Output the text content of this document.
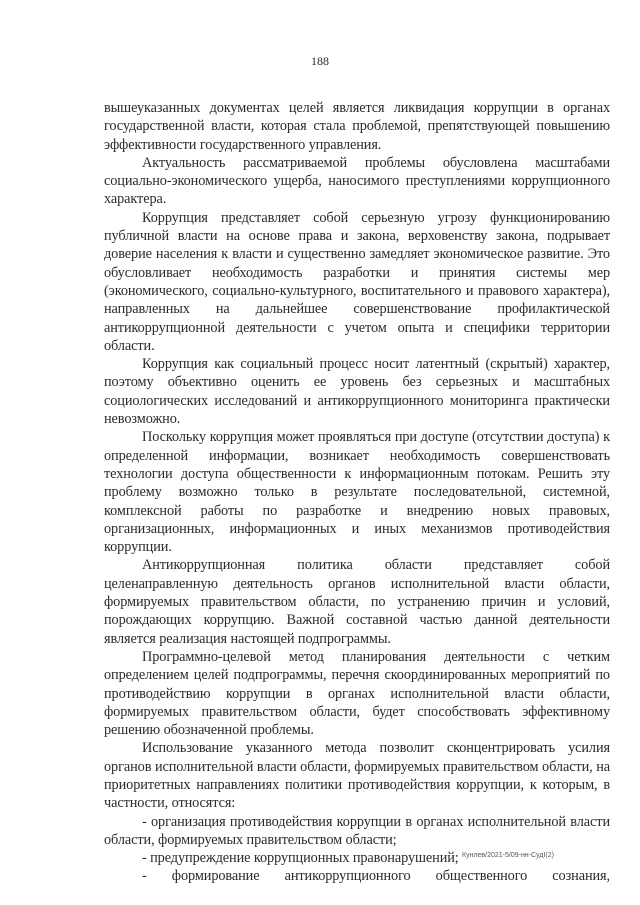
188

вышеуказанных документах целей является ликвидация коррупции в органах государственной власти, которая стала проблемой, препятствующей повышению эффективности государственного управления.

Актуальность рассматриваемой проблемы обусловлена масштабами социально-экономического ущерба, наносимого преступлениями коррупционного характера.

Коррупция представляет собой серьезную угрозу функционированию публичной власти на основе права и закона, верховенству закона, подрывает доверие населения к власти и существенно замедляет экономическое развитие. Это обусловливает необходимость разработки и принятия системы мер (экономического, социально-культурного, воспитательного и правового характера), направленных на дальнейшее совершенствование профилактической антикоррупционной деятельности с учетом опыта и специфики территории области.

Коррупция как социальный процесс носит латентный (скрытый) характер, поэтому объективно оценить ее уровень без серьезных и масштабных социологических исследований и антикоррупционного мониторинга практически невозможно.

Поскольку коррупция может проявляться при доступе (отсутствии доступа) к определенной информации, возникает необходимость совершенствовать технологии доступа общественности к информационным потокам. Решить эту проблему возможно только в результате последовательной, системной, комплексной работы по разработке и внедрению новых правовых, организационных, информационных и иных механизмов противодействия коррупции.

Антикоррупционная политика области представляет собой целенаправленную деятельность органов исполнительной власти области, формируемых правительством области, по устранению причин и условий, порождающих коррупцию. Важной составной частью данной деятельности является реализация настоящей подпрограммы.

Программно-целевой метод планирования деятельности с четким определением целей подпрограммы, перечня скоординированных мероприятий по противодействию коррупции в органах исполнительной власти области, формируемых правительством области, будет способствовать эффективному решению обозначенной проблемы.

Использование указанного метода позволит сконцентрировать усилия органов исполнительной власти области, формируемых правительством области, на приоритетных направлениях политики противодействия коррупции, к которым, в частности, относятся:

- организация противодействия коррупции в органах исполнительной власти области, формируемых правительством области;

- предупреждение коррупционных правонарушений;

- формирование антикоррупционного общественного сознания,

Кунлев/2021-5/09-нн-СудI(2)
